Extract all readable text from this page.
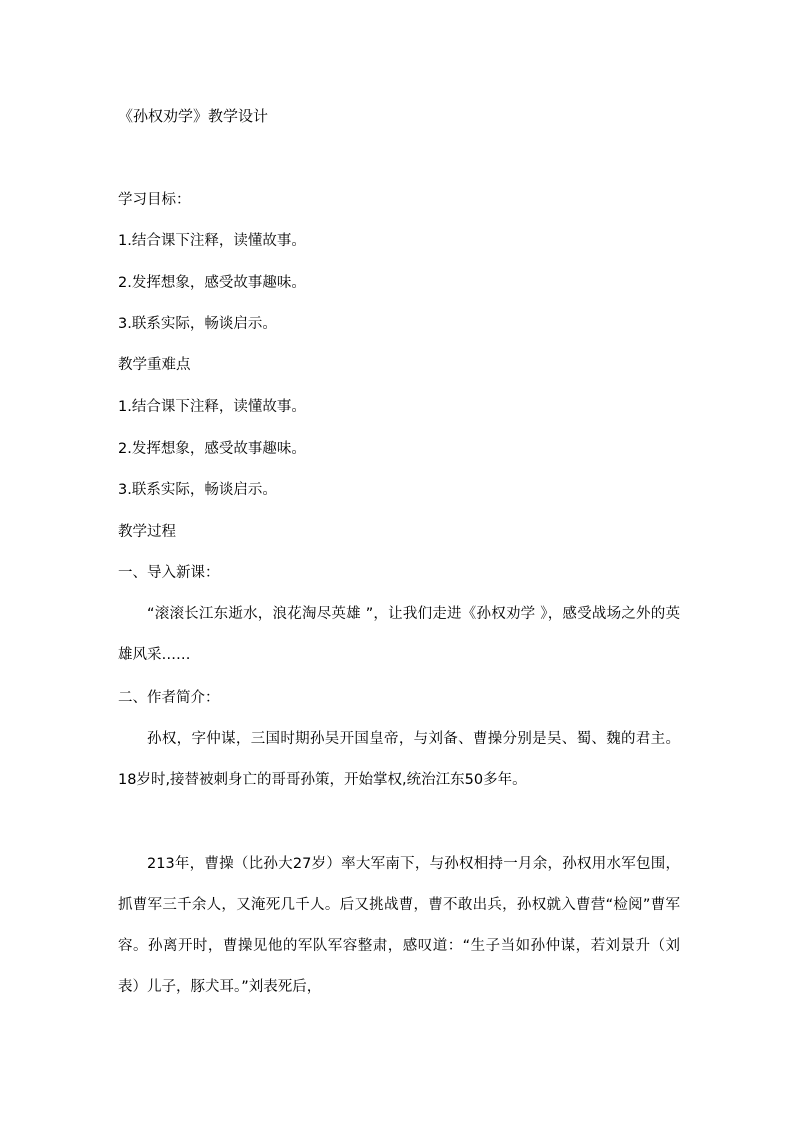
《孙权劝学》教学设计
学习目标：
1.结合课下注释，读懂故事。
2.发挥想象，感受故事趣味。
3.联系实际，畅谈启示。
教学重难点
1.结合课下注释，读懂故事。
2.发挥想象，感受故事趣味。
3.联系实际，畅谈启示。
教学过程
一、导入新课：
“滚滚长江东逝水，浪花淘尽英雄 ”，让我们走进《孙权劝学 》，感受战场之外的英雄风采……
二、作者简介：
孙权，字仲谋，三国时期孙吴开国皇帝，与刘备、曹操分别是吴、蜀、魏的君主。18岁时,接替被刺身亡的哥哥孙策，开始掌权,统治江东50多年。
213年，曹操（比孙大27岁）率大军南下，与孙权相持一月余，孙权用水军包围，抓曹军三千余人，又淹死几千人。后又挑战曹，曹不敢出兵，孙权就入曹营“检阅”曹军容。孙离开时，曹操见他的军队军容整肃，感叹道：“生子当如孙仲谋，若刘景升（刘表）儿子，豚犬耳。”刘表死后，
